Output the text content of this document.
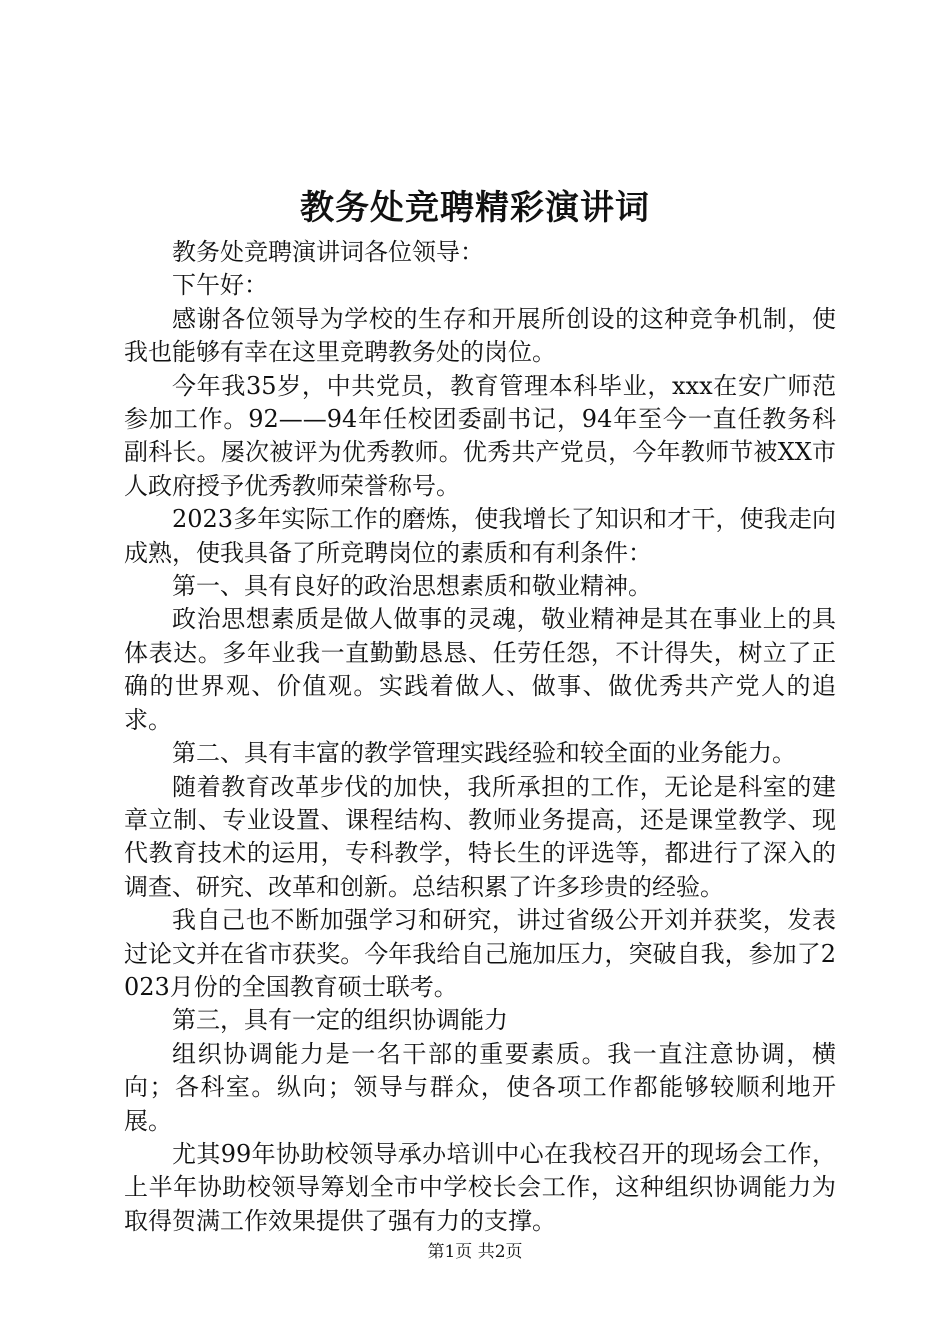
教务处竞聘精彩演讲词

教务处竞聘演讲词各位领导：

下午好：

感谢各位领导为学校的生存和开展所创设的这种竞争机制，使我也能够有幸在这里竞聘教务处的岗位。

今年我35岁，中共党员，教育管理本科毕业，xxx在安广师范参加工作。92——94年任校团委副书记，94年至今一直任教务科副科长。屡次被评为优秀教师。优秀共产党员，今年教师节被XX市人政府授予优秀教师荣誉称号。

2023多年实际工作的磨炼，使我增长了知识和才干，使我走向成熟，使我具备了所竞聘岗位的素质和有利条件：

第一、具有良好的政治思想素质和敬业精神。

政治思想素质是做人做事的灵魂，敬业精神是其在事业上的具体表达。多年业我一直勤勤恳恳、任劳任怨，不计得失，树立了正确的世界观、价值观。实践着做人、做事、做优秀共产党人的追求。

第二、具有丰富的教学管理实践经验和较全面的业务能力。

随着教育改革步伐的加快，我所承担的工作，无论是科室的建章立制、专业设置、课程结构、教师业务提高，还是课堂教学、现代教育技术的运用，专科教学，特长生的评选等，都进行了深入的调查、研究、改革和创新。总结积累了许多珍贵的经验。

我自己也不断加强学习和研究，讲过省级公开刘并获奖，发表过论文并在省市获奖。今年我给自己施加压力，突破自我，参加了2023月份的全国教育硕士联考。

第三，具有一定的组织协调能力

组织协调能力是一名干部的重要素质。我一直注意协调，横向；各科室。纵向；领导与群众，使各项工作都能够较顺利地开展。

尤其99年协助校领导承办培训中心在我校召开的现场会工作，上半年协助校领导筹划全市中学校长会工作，这种组织协调能力为取得贺满工作效果提供了强有力的支撑。

第1页 共2页
